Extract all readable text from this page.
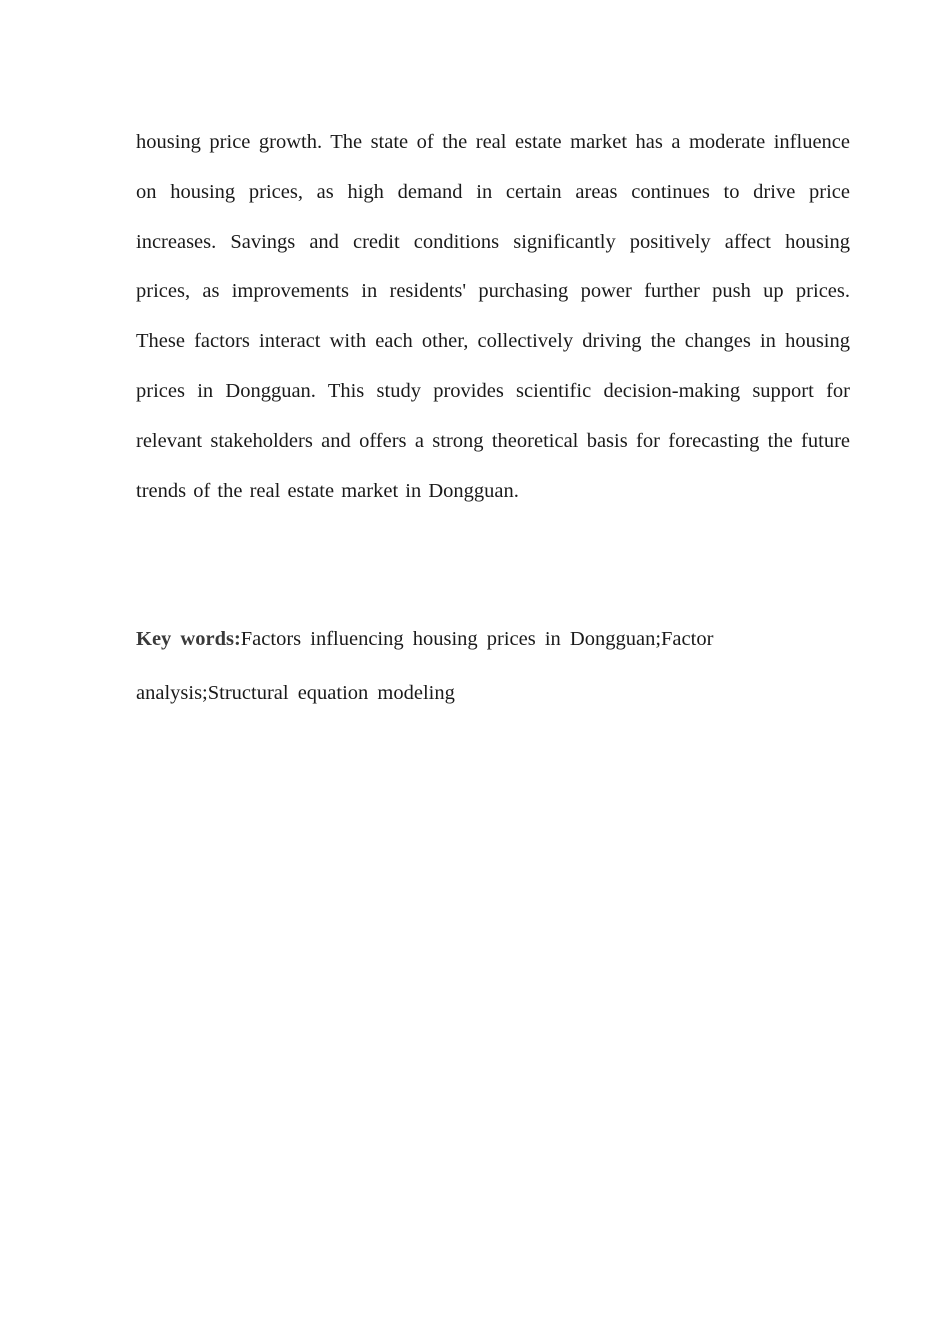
housing price growth. The state of the real estate market has a moderate influence on housing prices, as high demand in certain areas continues to drive price increases. Savings and credit conditions significantly positively affect housing prices, as improvements in residents' purchasing power further push up prices. These factors interact with each other, collectively driving the changes in housing prices in Dongguan. This study provides scientific decision-making support for relevant stakeholders and offers a strong theoretical basis for forecasting the future trends of the real estate market in Dongguan.

Key words:Factors influencing housing prices in Dongguan;Factor
analysis;Structural equation modeling
